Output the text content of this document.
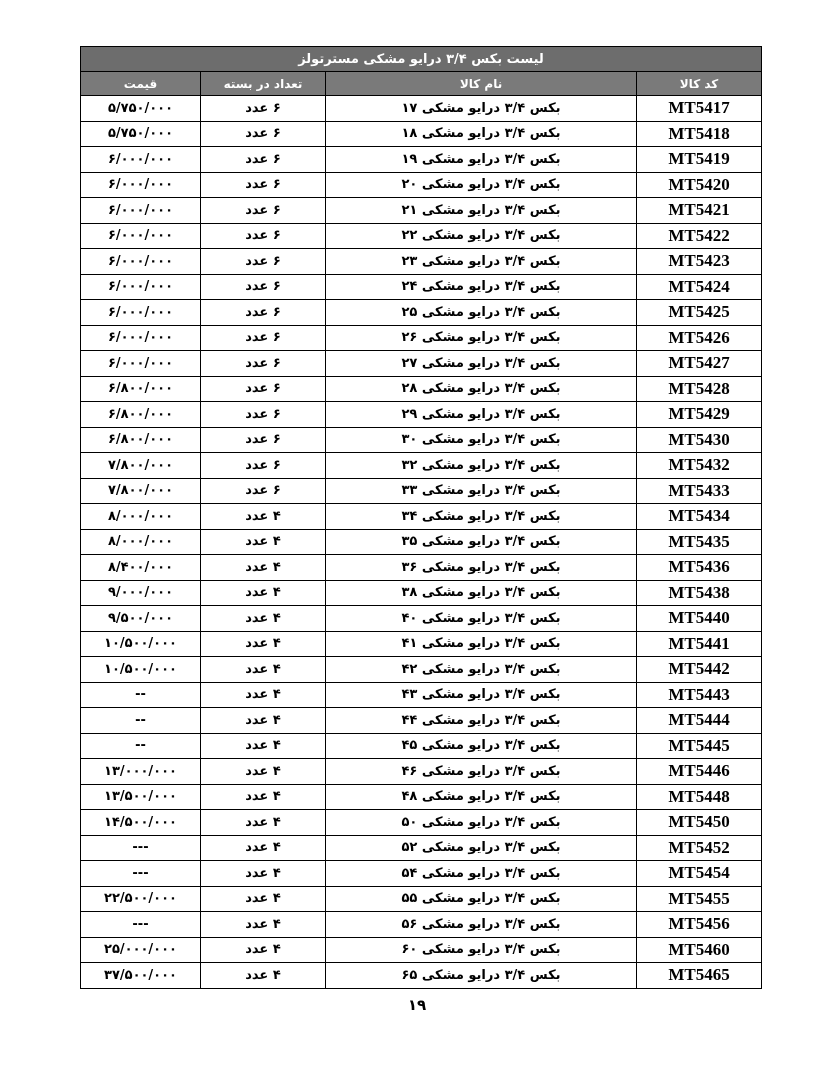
لیست بکس ۳/۴ درایو مشکی مسترتولز			
کد کالا	نام کالا	تعداد در بسته	قیمت
MT5417	بکس ۳/۴ درایو مشکی ۱۷	۶ عدد	۵/۷۵۰/۰۰۰
MT5418	بکس ۳/۴ درایو مشکی ۱۸	۶ عدد	۵/۷۵۰/۰۰۰
MT5419	بکس ۳/۴ درایو مشکی ۱۹	۶ عدد	۶/۰۰۰/۰۰۰
MT5420	بکس ۳/۴ درایو مشکی ۲۰	۶ عدد	۶/۰۰۰/۰۰۰
MT5421	بکس ۳/۴ درایو مشکی ۲۱	۶ عدد	۶/۰۰۰/۰۰۰
MT5422	بکس ۳/۴ درایو مشکی ۲۲	۶ عدد	۶/۰۰۰/۰۰۰
MT5423	بکس ۳/۴ درایو مشکی ۲۳	۶ عدد	۶/۰۰۰/۰۰۰
MT5424	بکس ۳/۴ درایو مشکی ۲۴	۶ عدد	۶/۰۰۰/۰۰۰
MT5425	بکس ۳/۴ درایو مشکی ۲۵	۶ عدد	۶/۰۰۰/۰۰۰
MT5426	بکس ۳/۴ درایو مشکی ۲۶	۶ عدد	۶/۰۰۰/۰۰۰
MT5427	بکس ۳/۴ درایو مشکی ۲۷	۶ عدد	۶/۰۰۰/۰۰۰
MT5428	بکس ۳/۴ درایو مشکی ۲۸	۶ عدد	۶/۸۰۰/۰۰۰
MT5429	بکس ۳/۴ درایو مشکی ۲۹	۶ عدد	۶/۸۰۰/۰۰۰
MT5430	بکس ۳/۴ درایو مشکی ۳۰	۶ عدد	۶/۸۰۰/۰۰۰
MT5432	بکس ۳/۴ درایو مشکی ۳۲	۶ عدد	۷/۸۰۰/۰۰۰
MT5433	بکس ۳/۴ درایو مشکی ۳۳	۶ عدد	۷/۸۰۰/۰۰۰
MT5434	بکس ۳/۴ درایو مشکی ۳۴	۴ عدد	۸/۰۰۰/۰۰۰
MT5435	بکس ۳/۴ درایو مشکی ۳۵	۴ عدد	۸/۰۰۰/۰۰۰
MT5436	بکس ۳/۴ درایو مشکی ۳۶	۴ عدد	۸/۴۰۰/۰۰۰
MT5438	بکس ۳/۴ درایو مشکی ۳۸	۴ عدد	۹/۰۰۰/۰۰۰
MT5440	بکس ۳/۴ درایو مشکی ۴۰	۴ عدد	۹/۵۰۰/۰۰۰
MT5441	بکس ۳/۴ درایو مشکی ۴۱	۴ عدد	۱۰/۵۰۰/۰۰۰
MT5442	بکس ۳/۴ درایو مشکی ۴۲	۴ عدد	۱۰/۵۰۰/۰۰۰
MT5443	بکس ۳/۴ درایو مشکی ۴۳	۴ عدد	--
MT5444	بکس ۳/۴ درایو مشکی ۴۴	۴ عدد	--
MT5445	بکس ۳/۴ درایو مشکی ۴۵	۴ عدد	--
MT5446	بکس ۳/۴ درایو مشکی ۴۶	۴ عدد	۱۳/۰۰۰/۰۰۰
MT5448	بکس ۳/۴ درایو مشکی ۴۸	۴ عدد	۱۳/۵۰۰/۰۰۰
MT5450	بکس ۳/۴ درایو مشکی ۵۰	۴ عدد	۱۴/۵۰۰/۰۰۰
MT5452	بکس ۳/۴ درایو مشکی ۵۲	۴ عدد	---
MT5454	بکس ۳/۴ درایو مشکی ۵۴	۴ عدد	---
MT5455	بکس ۳/۴ درایو مشکی ۵۵	۴ عدد	۲۲/۵۰۰/۰۰۰
MT5456	بکس ۳/۴ درایو مشکی ۵۶	۴ عدد	---
MT5460	بکس ۳/۴ درایو مشکی ۶۰	۴ عدد	۲۵/۰۰۰/۰۰۰
MT5465	بکس ۳/۴ درایو مشکی ۶۵	۴ عدد	۳۷/۵۰۰/۰۰۰
۱۹
